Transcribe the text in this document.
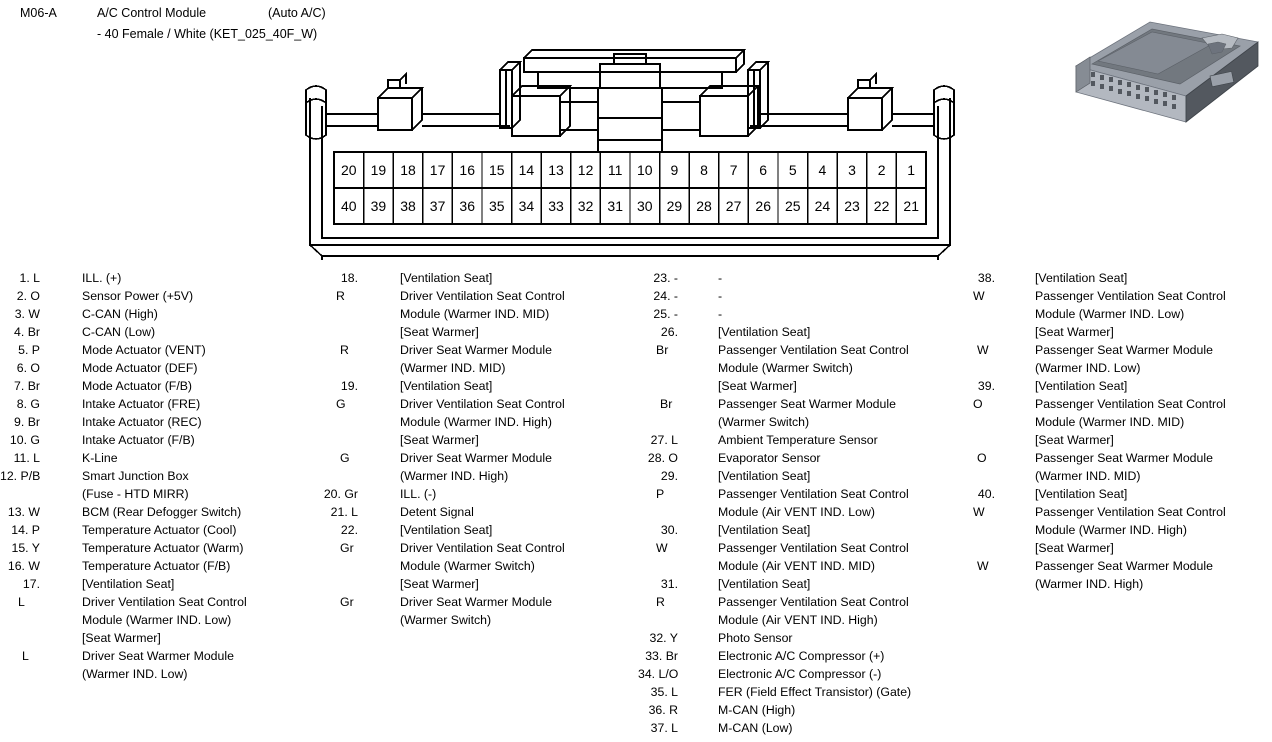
M06-A	A/C Control Module	(Auto A/C)
- 40 Female / White (KET_025_40F_W)
20 19 18 17 16 15 14 13 12 11 10 9 8 7 6 5 4 3 2 1
40 39 38 37 36 35 34 33 32 31 30 29 28 27 26 25 24 23 22 21
1. L	ILL. (+)
2. O	Sensor Power (+5V)
3. W	C-CAN (High)
4. Br	C-CAN (Low)
5. P	Mode Actuator (VENT)
6. O	Mode Actuator (DEF)
7. Br	Mode Actuator (F/B)
8. G	Intake Actuator (FRE)
9. Br	Intake Actuator (REC)
10. G	Intake Actuator (F/B)
11. L	K-Line
12. P/B	Smart Junction Box
(Fuse - HTD MIRR)
13. W	BCM (Rear Defogger Switch)
14. P	Temperature Actuator (Cool)
15. Y	Temperature Actuator (Warm)
16. W	Temperature Actuator (F/B)
17.	[Ventilation Seat]
L	Driver Ventilation Seat Control
Module (Warmer IND. Low)
[Seat Warmer]
L	Driver Seat Warmer Module
(Warmer IND. Low)
18.	[Ventilation Seat]
R	Driver Ventilation Seat Control
Module (Warmer IND. MID)
[Seat Warmer]
R	Driver Seat Warmer Module
(Warmer IND. MID)
19.	[Ventilation Seat]
G	Driver Ventilation Seat Control
Module (Warmer IND. High)
[Seat Warmer]
G	Driver Seat Warmer Module
(Warmer IND. High)
20. Gr	ILL. (-)
21. L	Detent Signal
22.	[Ventilation Seat]
Gr	Driver Ventilation Seat Control
Module (Warmer Switch)
[Seat Warmer]
Gr	Driver Seat Warmer Module
(Warmer Switch)
23. -	-
24. -	-
25. -	-
26.	[Ventilation Seat]
Br	Passenger Ventilation Seat Control
Module (Warmer Switch)
[Seat Warmer]
Br	Passenger Seat Warmer Module
(Warmer Switch)
27. L	Ambient Temperature Sensor
28. O	Evaporator Sensor
29.	[Ventilation Seat]
P	Passenger Ventilation Seat Control
Module (Air VENT IND. Low)
30.	[Ventilation Seat]
W	Passenger Ventilation Seat Control
Module (Air VENT IND. MID)
31.	[Ventilation Seat]
R	Passenger Ventilation Seat Control
Module (Air VENT IND. High)
32. Y	Photo Sensor
33. Br	Electronic A/C Compressor (+)
34. L/O	Electronic A/C Compressor (-)
35. L	FER (Field Effect Transistor) (Gate)
36. R	M-CAN (High)
37. L	M-CAN (Low)
38.	[Ventilation Seat]
W	Passenger Ventilation Seat Control
Module (Warmer IND. Low)
[Seat Warmer]
W	Passenger Seat Warmer Module
(Warmer IND. Low)
39.	[Ventilation Seat]
O	Passenger Ventilation Seat Control
Module (Warmer IND. MID)
[Seat Warmer]
O	Passenger Seat Warmer Module
(Warmer IND. MID)
40.	[Ventilation Seat]
W	Passenger Ventilation Seat Control
Module (Warmer IND. High)
[Seat Warmer]
W	Passenger Seat Warmer Module
(Warmer IND. High)
